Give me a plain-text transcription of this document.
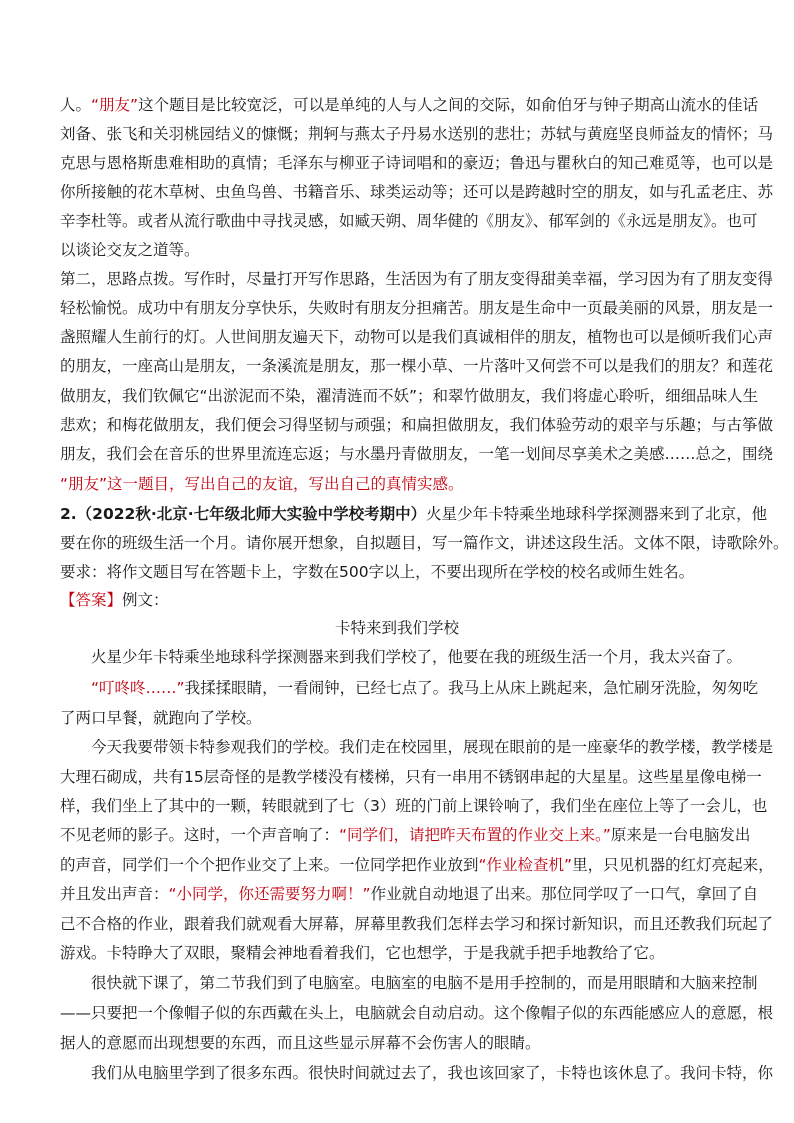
人。“朋友”这个题目是比较宽泛，可以是单纯的人与人之间的交际，如俞伯牙与钟子期高山流水的佳话
刘备、张飞和关羽桃园结义的慷慨；荆轲与燕太子丹易水送别的悲壮；苏轼与黄庭坚良师益友的情怀；马
克思与恩格斯患难相助的真情；毛泽东与柳亚子诗词唱和的豪迈；鲁迅与瞿秋白的知己难觅等，也可以是
你所接触的花木草树、虫鱼鸟兽、书籍音乐、球类运动等；还可以是跨越时空的朋友，如与孔孟老庄、苏
辛李杜等。或者从流行歌曲中寻找灵感，如臧天朔、周华健的《朋友》、郁军剑的《永远是朋友》。也可
以谈论交友之道等。
第二，思路点拨。写作时，尽量打开写作思路，生活因为有了朋友变得甜美幸福，学习因为有了朋友变得
轻松愉悦。成功中有朋友分享快乐，失败时有朋友分担痛苦。朋友是生命中一页最美丽的风景，朋友是一
盏照耀人生前行的灯。人世间朋友遍天下，动物可以是我们真诚相伴的朋友，植物也可以是倾听我们心声
的朋友，一座高山是朋友，一条溪流是朋友，那一棵小草、一片落叶又何尝不可以是我们的朋友？和莲花
做朋友，我们钦佩它“出淤泥而不染，濯清涟而不妖”；和翠竹做朋友，我们将虚心聆听，细细品味人生
悲欢；和梅花做朋友，我们便会习得坚韧与顽强；和扁担做朋友，我们体验劳动的艰辛与乐趣；与古筝做
朋友，我们会在音乐的世界里流连忘返；与水墨丹青做朋友，一笔一划间尽享美术之美感……总之，围绕
“朋友”这一题目，写出自己的友谊，写出自己的真情实感。
2.（2022秋·北京·七年级北师大实验中学校考期中）火星少年卡特乘坐地球科学探测器来到了北京，他
要在你的班级生活一个月。请你展开想象，自拟题目，写一篇作文，讲述这段生活。文体不限，诗歌除外。
要求：将作文题目写在答题卡上，字数在500字以上，不要出现所在学校的校名或师生姓名。
【答案】例文：
卡特来到我们学校
火星少年卡特乘坐地球科学探测器来到我们学校了，他要在我的班级生活一个月，我太兴奋了。
“叮咚咚……”我揉揉眼睛，一看闹钟，已经七点了。我马上从床上跳起来，急忙刷牙洗脸，匆匆吃
了两口早餐，就跑向了学校。
今天我要带领卡特参观我们的学校。我们走在校园里，展现在眼前的是一座豪华的教学楼，教学楼是
大理石砌成，共有15层奇怪的是教学楼没有楼梯，只有一串用不锈钢串起的大星星。这些星星像电梯一
样，我们坐上了其中的一颗，转眼就到了七（3）班的门前上课铃响了，我们坐在座位上等了一会儿，也
不见老师的影子。这时，一个声音响了：“同学们，请把昨天布置的作业交上来。”原来是一台电脑发出
的声音，同学们一个个把作业交了上来。一位同学把作业放到“作业检查机”里，只见机器的红灯亮起来，
并且发出声音：“小同学，你还需要努力啊！”作业就自动地退了出来。那位同学叹了一口气，拿回了自
己不合格的作业，跟着我们就观看大屏幕，屏幕里教我们怎样去学习和探讨新知识，而且还教我们玩起了
游戏。卡特睁大了双眼，聚精会神地看着我们，它也想学，于是我就手把手地教给了它。
很快就下课了，第二节我们到了电脑室。电脑室的电脑不是用手控制的，而是用眼睛和大脑来控制
——只要把一个像帽子似的东西戴在头上，电脑就会自动启动。这个像帽子似的东西能感应人的意愿，根
据人的意愿而出现想要的东西，而且这些显示屏幕不会伤害人的眼睛。
我们从电脑里学到了很多东西。很快时间就过去了，我也该回家了，卡特也该休息了。我问卡特，你
